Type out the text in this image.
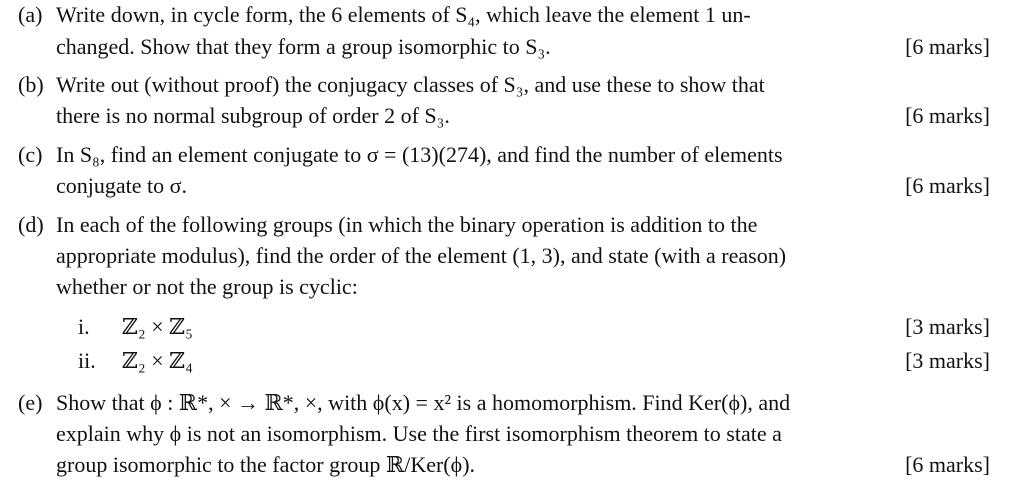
(a) Write down, in cycle form, the 6 elements of S₄, which leave the element 1 un-
changed. Show that they form a group isomorphic to S₃.	[6 marks]
(b) Write out (without proof) the conjugacy classes of S₃, and use these to show that
there is no normal subgroup of order 2 of S₃.	[6 marks]
(c) In S₈, find an element conjugate to σ = (13)(274), and find the number of elements
conjugate to σ.	[6 marks]
(d) In each of the following groups (in which the binary operation is addition to the
appropriate modulus), find the order of the element (1, 3), and state (with a reason)
whether or not the group is cyclic:
i. ℤ₂ × ℤ₅	[3 marks]
ii. ℤ₂ × ℤ₄	[3 marks]
(e) Show that ϕ : ℝ*, × → ℝ*, ×, with ϕ(x) = x² is a homomorphism. Find Ker(ϕ), and
explain why ϕ is not an isomorphism. Use the first isomorphism theorem to state a
group isomorphic to the factor group ℝ/Ker(ϕ).	[6 marks]
